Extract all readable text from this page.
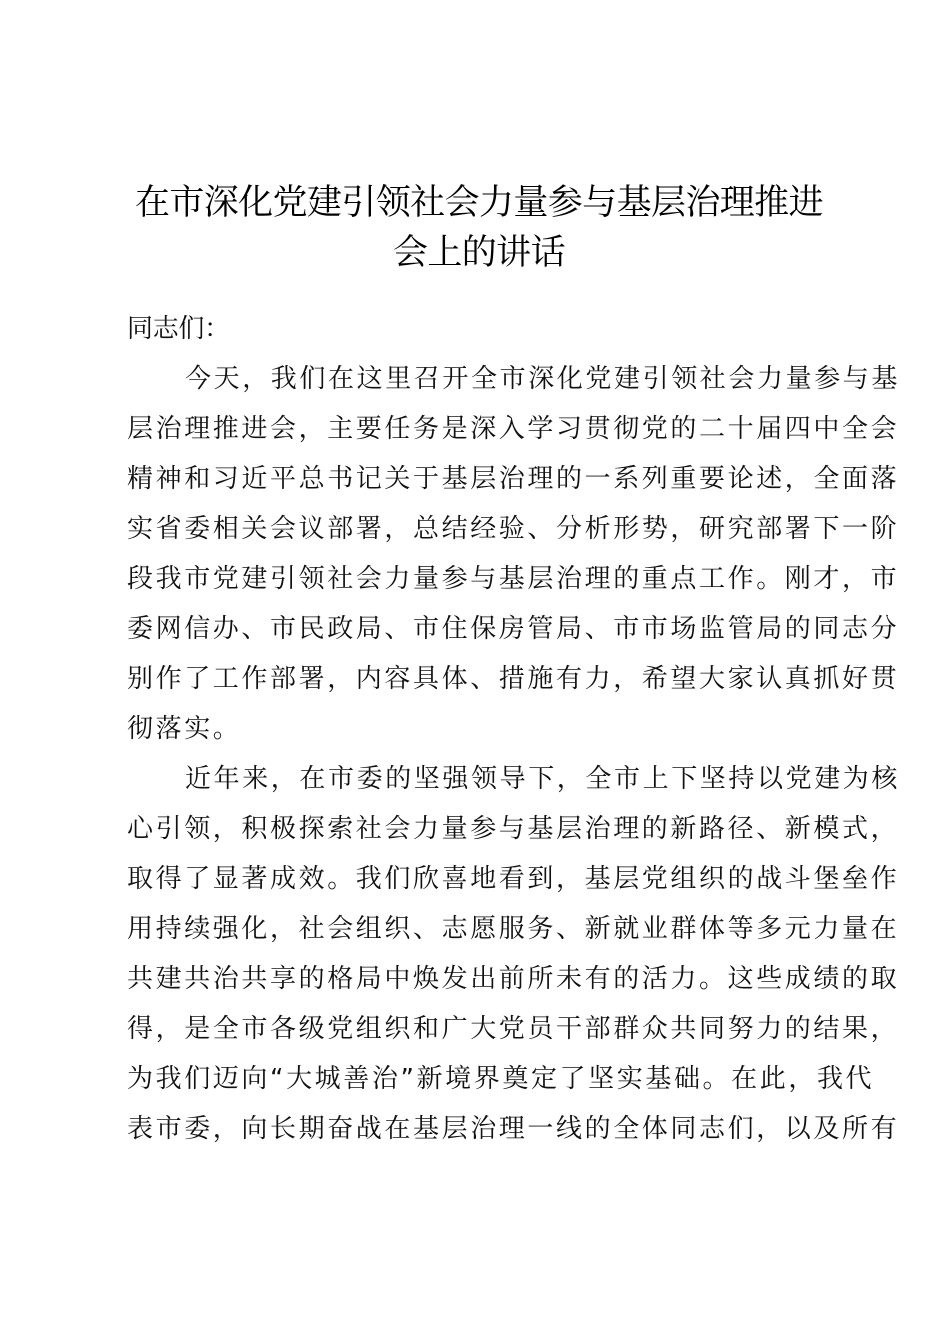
在市深化党建引领社会力量参与基层治理推进
会上的讲话

同志们：

今天，我们在这里召开全市深化党建引领社会力量参与基
层治理推进会，主要任务是深入学习贯彻党的二十届四中全会
精神和习近平总书记关于基层治理的一系列重要论述，全面落
实省委相关会议部署，总结经验、分析形势，研究部署下一阶
段我市党建引领社会力量参与基层治理的重点工作。刚才，市
委网信办、市民政局、市住保房管局、市市场监管局的同志分
别作了工作部署，内容具体、措施有力，希望大家认真抓好贯
彻落实。
近年来，在市委的坚强领导下，全市上下坚持以党建为核
心引领，积极探索社会力量参与基层治理的新路径、新模式，
取得了显著成效。我们欣喜地看到，基层党组织的战斗堡垒作
用持续强化，社会组织、志愿服务、新就业群体等多元力量在
共建共治共享的格局中焕发出前所未有的活力。这些成绩的取
得，是全市各级党组织和广大党员干部群众共同努力的结果，
为我们迈向“大城善治”新境界奠定了坚实基础。在此，我代
表市委，向长期奋战在基层治理一线的全体同志们，以及所有
